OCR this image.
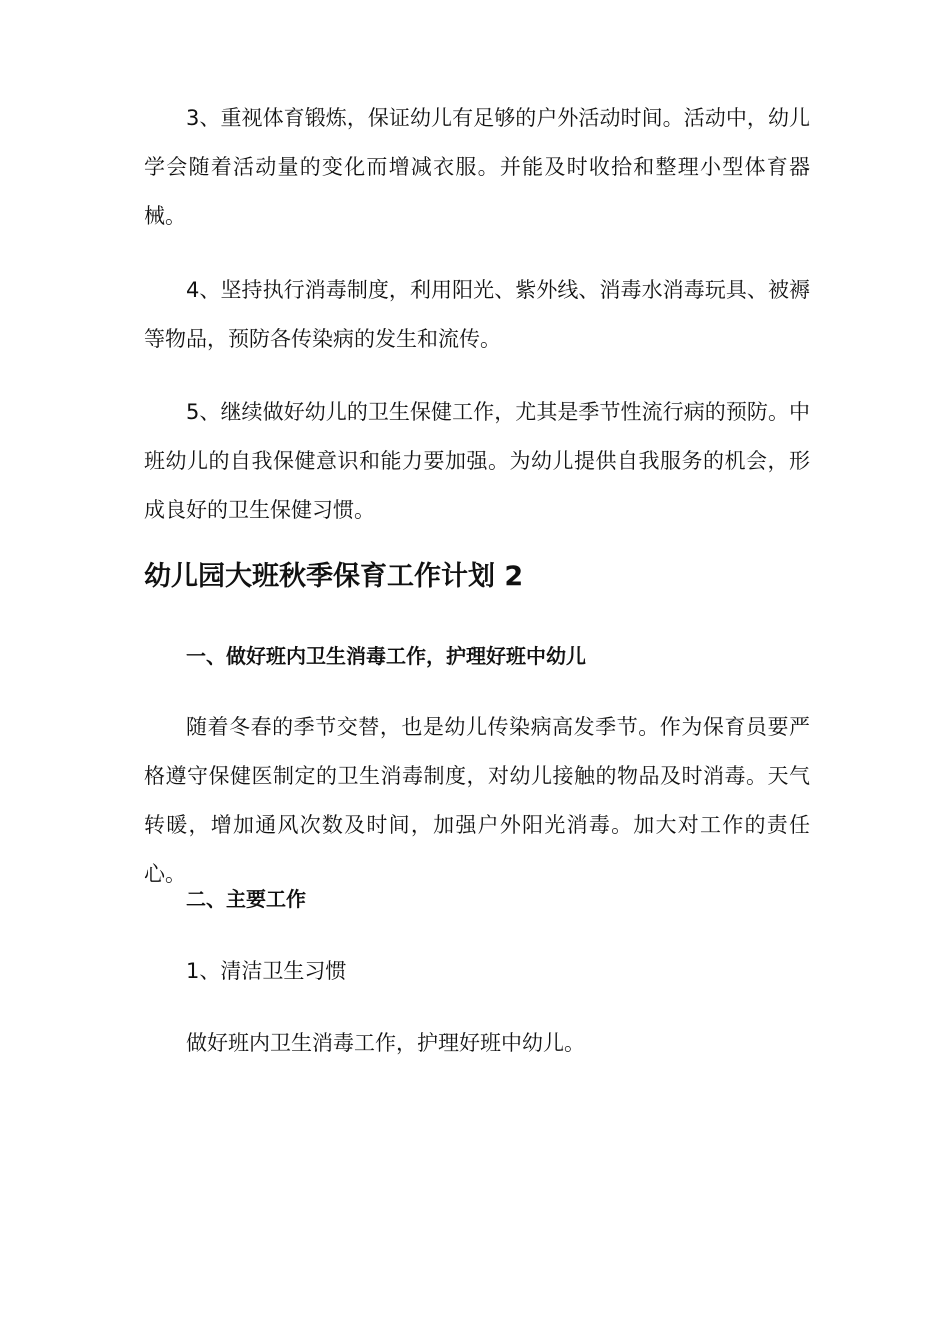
3、重视体育锻炼，保证幼儿有足够的户外活动时间。活动中，幼儿学会随着活动量的变化而增减衣服。并能及时收拾和整理小型体育器械。

4、坚持执行消毒制度，利用阳光、紫外线、消毒水消毒玩具、被褥等物品，预防各传染病的发生和流传。

5、继续做好幼儿的卫生保健工作，尤其是季节性流行病的预防。中班幼儿的自我保健意识和能力要加强。为幼儿提供自我服务的机会，形成良好的卫生保健习惯。

幼儿园大班秋季保育工作计划 2
一、做好班内卫生消毒工作，护理好班中幼儿

随着冬春的季节交替，也是幼儿传染病高发季节。作为保育员要严格遵守保健医制定的卫生消毒制度，对幼儿接触的物品及时消毒。天气转暖，增加通风次数及时间，加强户外阳光消毒。加大对工作的责任心。

二、主要工作

1、清洁卫生习惯

做好班内卫生消毒工作，护理好班中幼儿。
